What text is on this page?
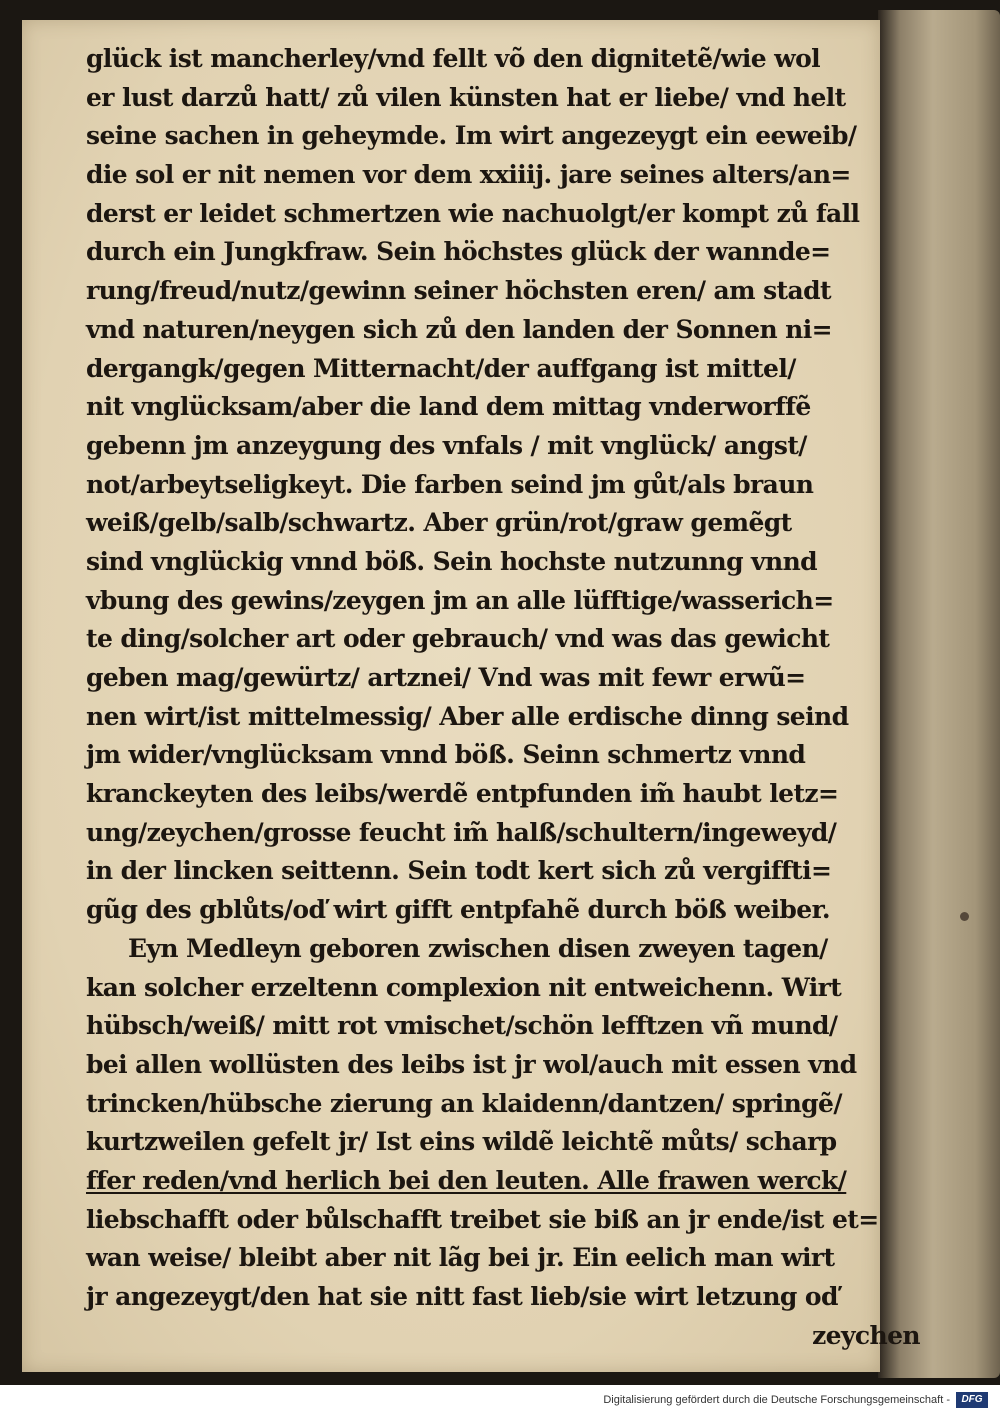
glück ist mancherley/vnd fellt võ den dignitetẽ/wie wol
er lust darzů hatt/ zů vilen künsten hat er liebe/ vnd helt
seine sachen in geheymde. Im wirt angezeygt ein eeweib/
die sol er nit nemen vor dem xxiiij. jare seines alters/an=
derst er leidet schmertzen wie nachuolgt/er kompt zů fall
durch ein Jungkfraw. Sein höchstes glück der wannde=
rung/freud/nutz/gewinn seiner höchsten eren/ am stadt
vnd naturen/neygen sich zů den landen der Sonnen ni=
dergangk/gegen Mitternacht/der auffgang ist mittel/
nit vnglücksam/aber die land dem mittag vnderworffẽ
gebenn jm anzeygung des vnfals / mit vnglück/ angst/
not/arbeytseligkeyt. Die farben seind jm gůt/als braun
weiß/gelb/salb/schwartz. Aber grün/rot/graw gemẽgt
sind vnglückig vnnd böß. Sein hochste nutzunng vnnd
vbung des gewins/zeygen jm an alle lüfftige/wasserich=
te ding/solcher art oder gebrauch/ vnd was das gewicht
geben mag/gewürtz/ artznei/ Vnd was mit fewr erwũ=
nen wirt/ist mittelmessig/ Aber alle erdische dinng seind
jm wider/vnglücksam vnnd böß. Seinn schmertz vnnd
kranckeyten des leibs/werdẽ entpfunden im̃ haubt letz=
ung/zeychen/grosse feucht im̃ halß/schultern/ingeweyd/
in der lincken seittenn. Sein todt kert sich zů vergiffti=
gũg des gblůts/oď wirt gifft entpfahẽ durch böß weiber.
Eyn Medleyn geboren zwischen disen zweyen tagen/
kan solcher erzeltenn complexion nit entweichenn. Wirt
hübsch/weiß/ mitt rot vmischet/schön lefftzen vñ mund/
bei allen wollüsten des leibs ist jr wol/auch mit essen vnd
trincken/hübsche zierung an klaidenn/dantzen/ springẽ/
kurtzweilen gefelt jr/ Ist eins wildẽ leichtẽ můts/ scharp
ffer reden/vnd herlich bei den leuten. Alle frawen werck/
liebschafft oder bůlschafft treibet sie biß an jr ende/ist et=
wan weise/ bleibt aber nit lãg bei jr. Ein eelich man wirt
jr angezeygt/den hat sie nitt fast lieb/sie wirt letzung oď
zeychen
Digitalisierung gefördert durch die Deutsche Forschungsgemeinschaft -	DFG
